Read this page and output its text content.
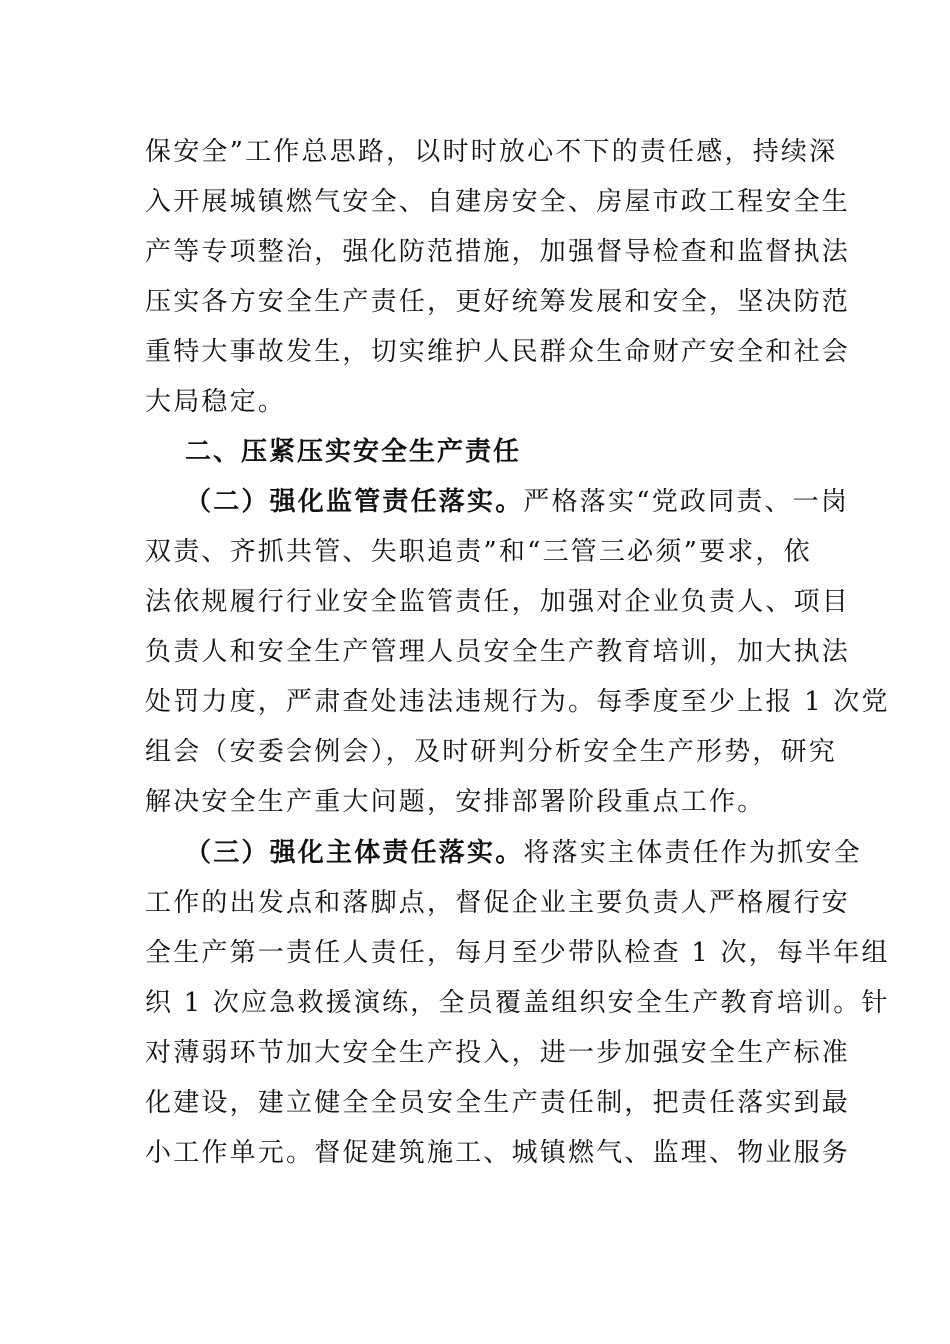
保安全”工作总思路，以时时放心不下的责任感，持续深
入开展城镇燃气安全、自建房安全、房屋市政工程安全生
产等专项整治，强化防范措施，加强督导检查和监督执法
压实各方安全生产责任，更好统筹发展和安全，坚决防范
重特大事故发生，切实维护人民群众生命财产安全和社会
大局稳定。
二、压紧压实安全生产责任
（二）强化监管责任落实。严格落实“党政同责、一岗
双责、齐抓共管、失职追责”和“三管三必须”要求，依
法依规履行行业安全监管责任，加强对企业负责人、项目
负责人和安全生产管理人员安全生产教育培训，加大执法
处罚力度，严肃查处违法违规行为。每季度至少上报 1 次党
组会（安委会例会），及时研判分析安全生产形势，研究
解决安全生产重大问题，安排部署阶段重点工作。
（三）强化主体责任落实。将落实主体责任作为抓安全
工作的出发点和落脚点，督促企业主要负责人严格履行安
全生产第一责任人责任，每月至少带队检查 1 次，每半年组
织 1 次应急救援演练，全员覆盖组织安全生产教育培训。针
对薄弱环节加大安全生产投入，进一步加强安全生产标准
化建设，建立健全全员安全生产责任制，把责任落实到最
小工作单元。督促建筑施工、城镇燃气、监理、物业服务
